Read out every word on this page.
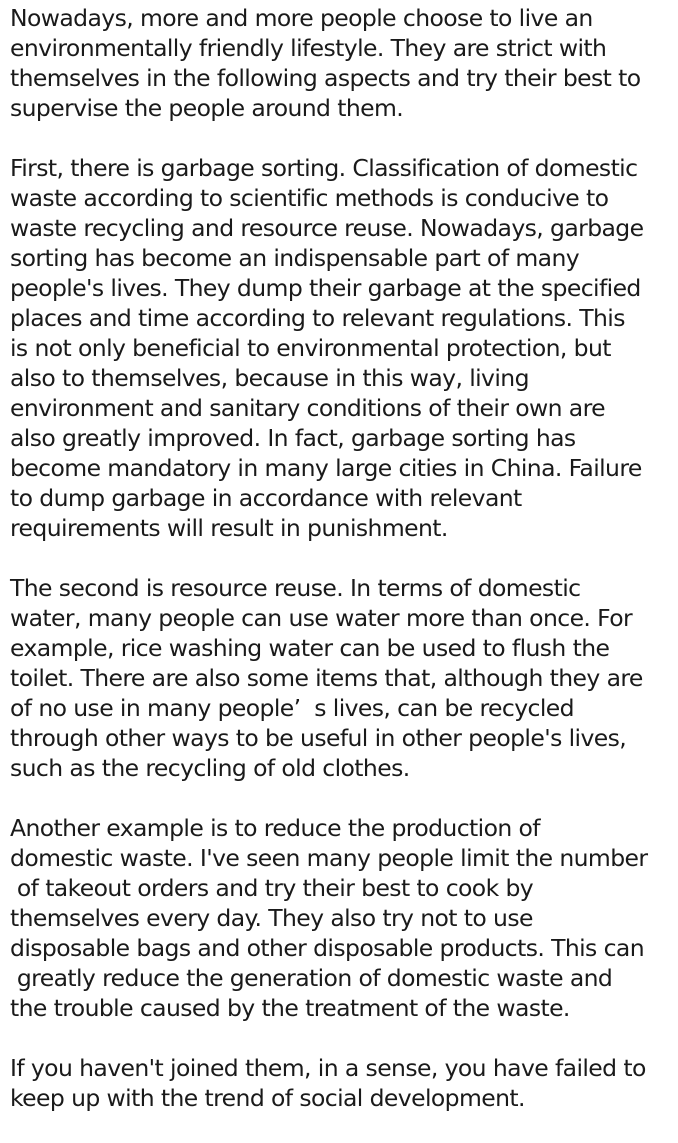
Nowadays, more and more people choose to live an
environmentally friendly lifestyle. They are strict with
themselves in the following aspects and try their best to
supervise the people around them.

First, there is garbage sorting. Classification of domestic
waste according to scientific methods is conducive to
waste recycling and resource reuse. Nowadays, garbage
sorting has become an indispensable part of many
people's lives. They dump their garbage at the specified
places and time according to relevant regulations. This
is not only beneficial to environmental protection, but
also to themselves, because in this way, living
environment and sanitary conditions of their own are
also greatly improved. In fact, garbage sorting has
become mandatory in many large cities in China. Failure
to dump garbage in accordance with relevant
requirements will result in punishment.

The second is resource reuse. In terms of domestic
water, many people can use water more than once. For
example, rice washing water can be used to flush the
toilet. There are also some items that, although they are
of no use in many people’  s lives, can be recycled
through other ways to be useful in other people's lives,
such as the recycling of old clothes.

Another example is to reduce the production of
domestic waste. I've seen many people limit the number
of takeout orders and try their best to cook by
themselves every day. They also try not to use
disposable bags and other disposable products. This can
greatly reduce the generation of domestic waste and
the trouble caused by the treatment of the waste.

If you haven't joined them, in a sense, you have failed to
keep up with the trend of social development.
